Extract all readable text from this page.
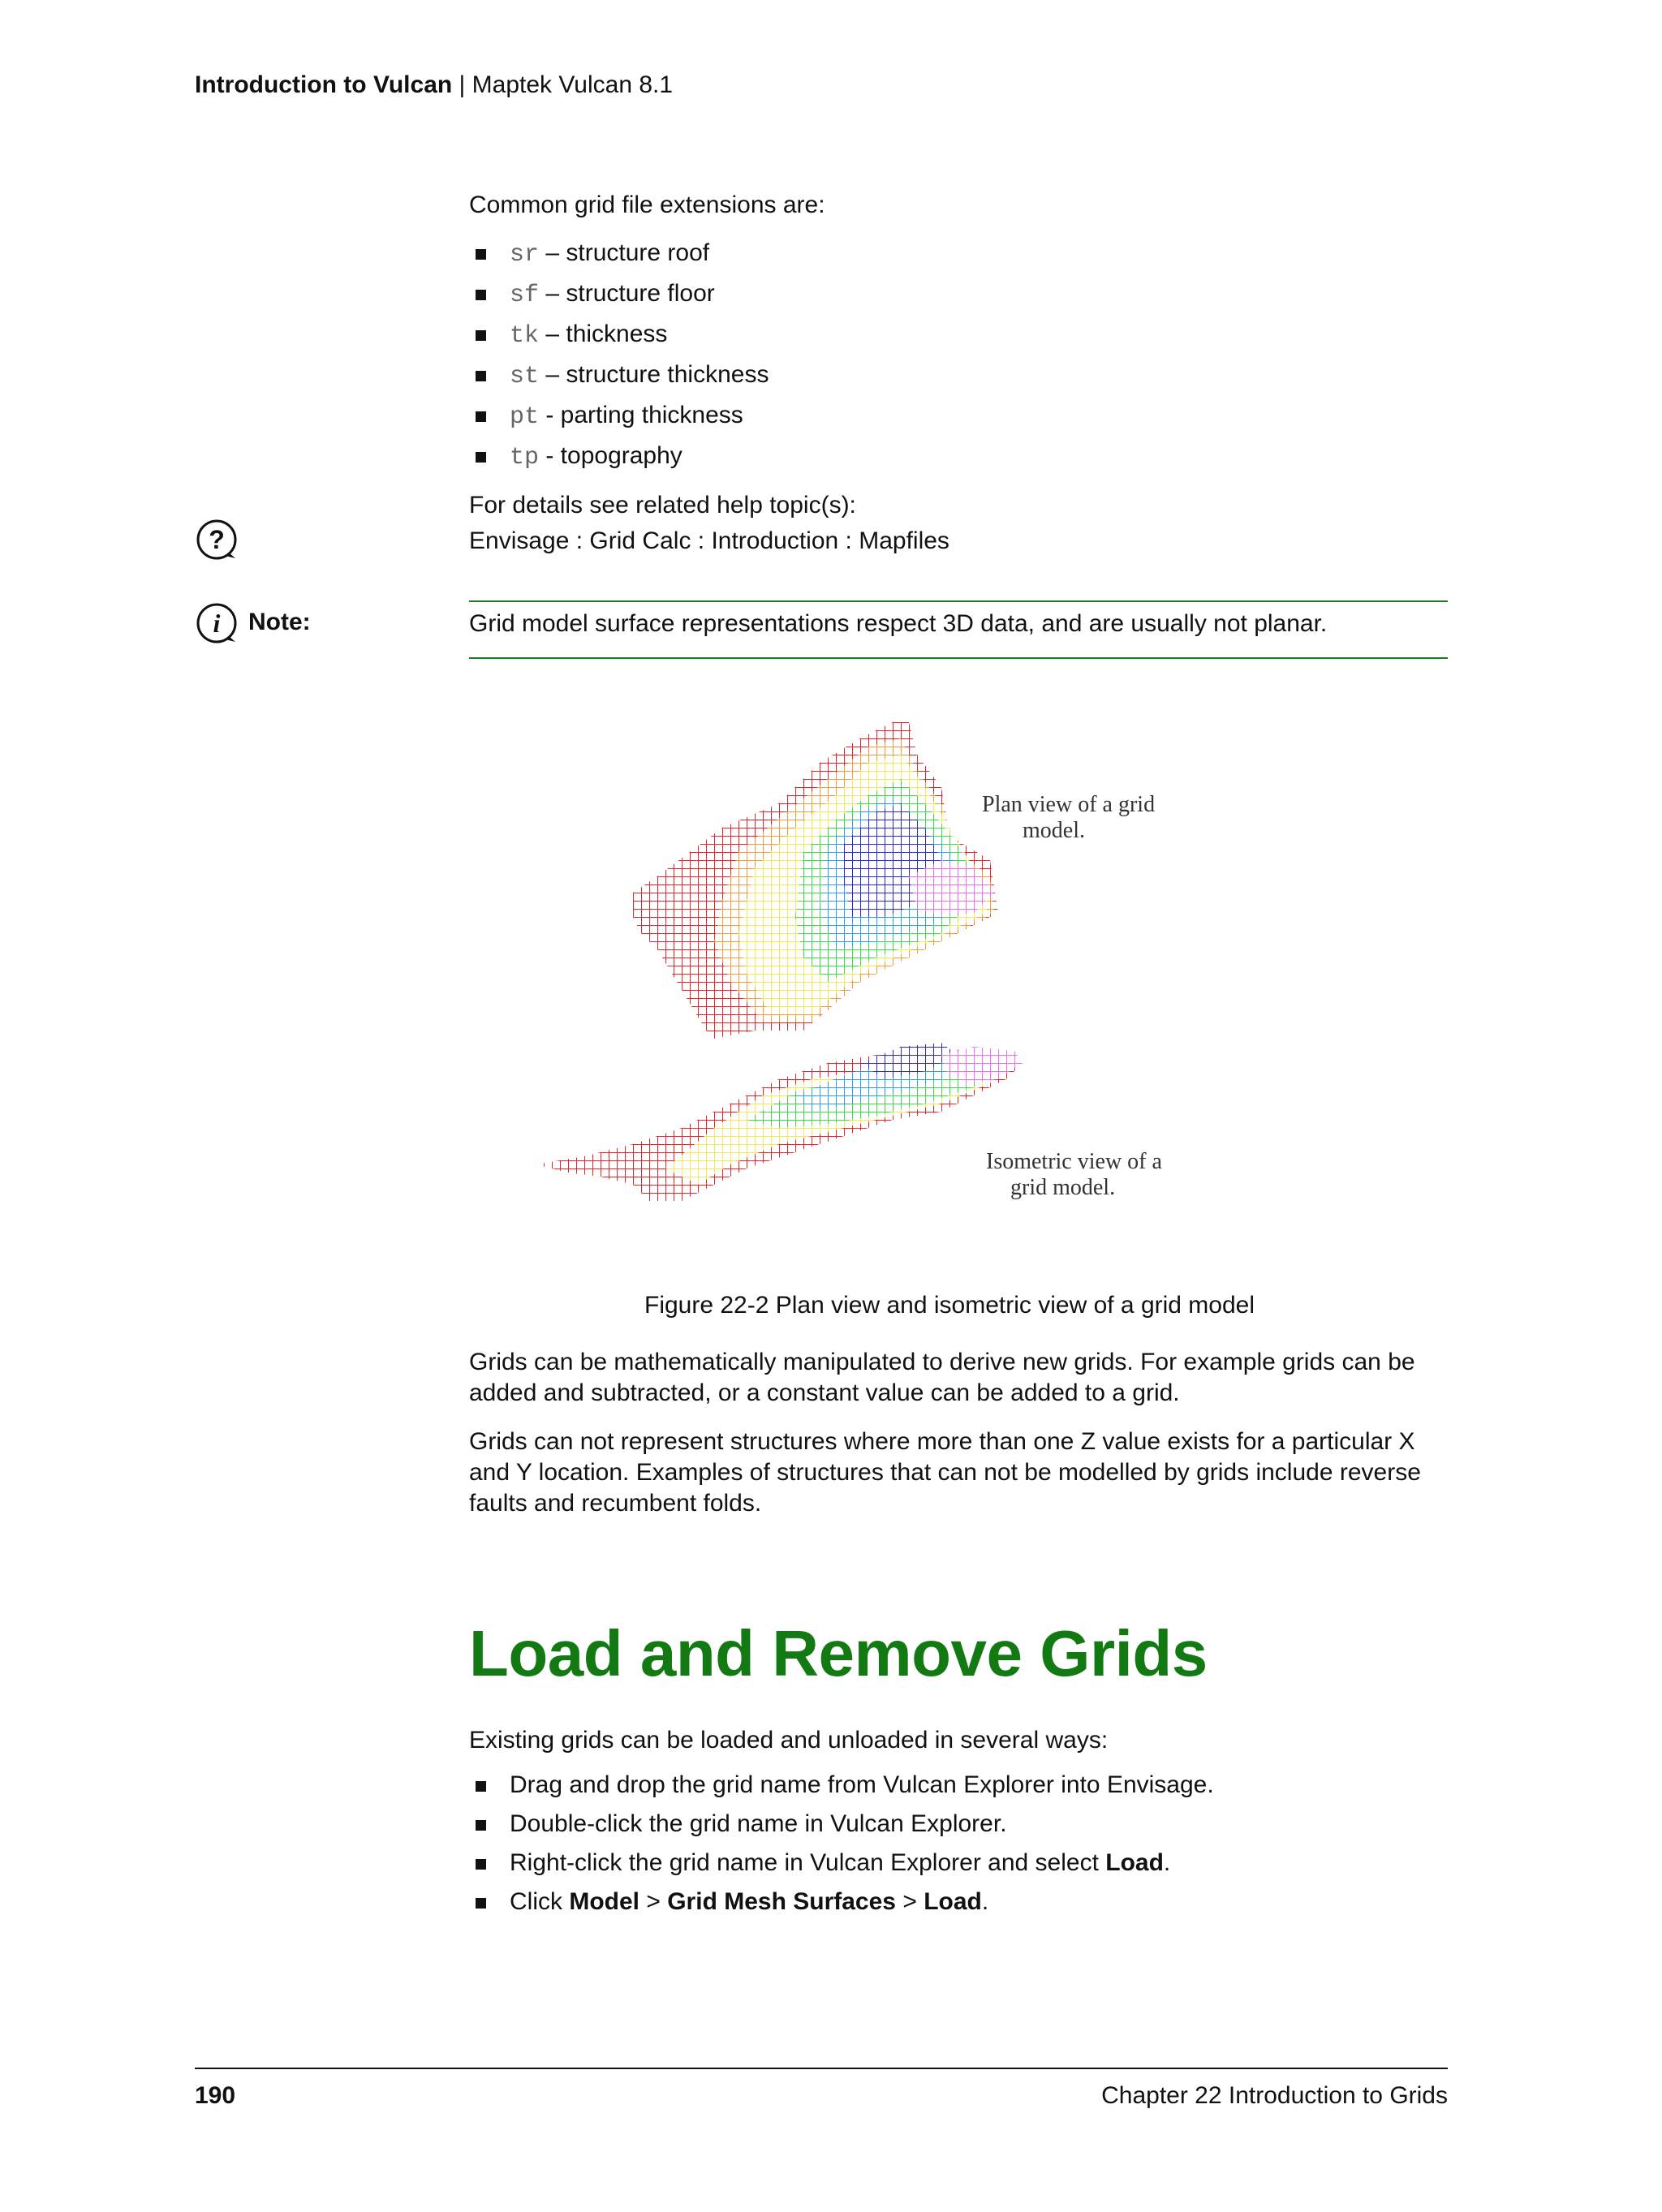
Introduction to Vulcan | Maptek Vulcan 8.1
Common grid file extensions are:
sr – structure roof
sf – structure floor
tk – thickness
st – structure thickness
pt - parting thickness
tp - topography
?
For details see related help topic(s):
Envisage : Grid Calc : Introduction : Mapfiles
i Note:	Grid model surface representations respect 3D data, and are usually not planar.
Plan view of a grid
model.
Isometric view of a
grid model.
Figure 22-2 Plan view and isometric view of a grid model
Grids can be mathematically manipulated to derive new grids. For example grids can be
added and subtracted, or a constant value can be added to a grid.
Grids can not represent structures where more than one Z value exists for a particular X
and Y location. Examples of structures that can not be modelled by grids include reverse
faults and recumbent folds.
Load and Remove Grids
Existing grids can be loaded and unloaded in several ways:
Drag and drop the grid name from Vulcan Explorer into Envisage.
Double-click the grid name in Vulcan Explorer.
Right-click the grid name in Vulcan Explorer and select Load.
Click Model > Grid Mesh Surfaces > Load.
190	Chapter 22 Introduction to Grids
